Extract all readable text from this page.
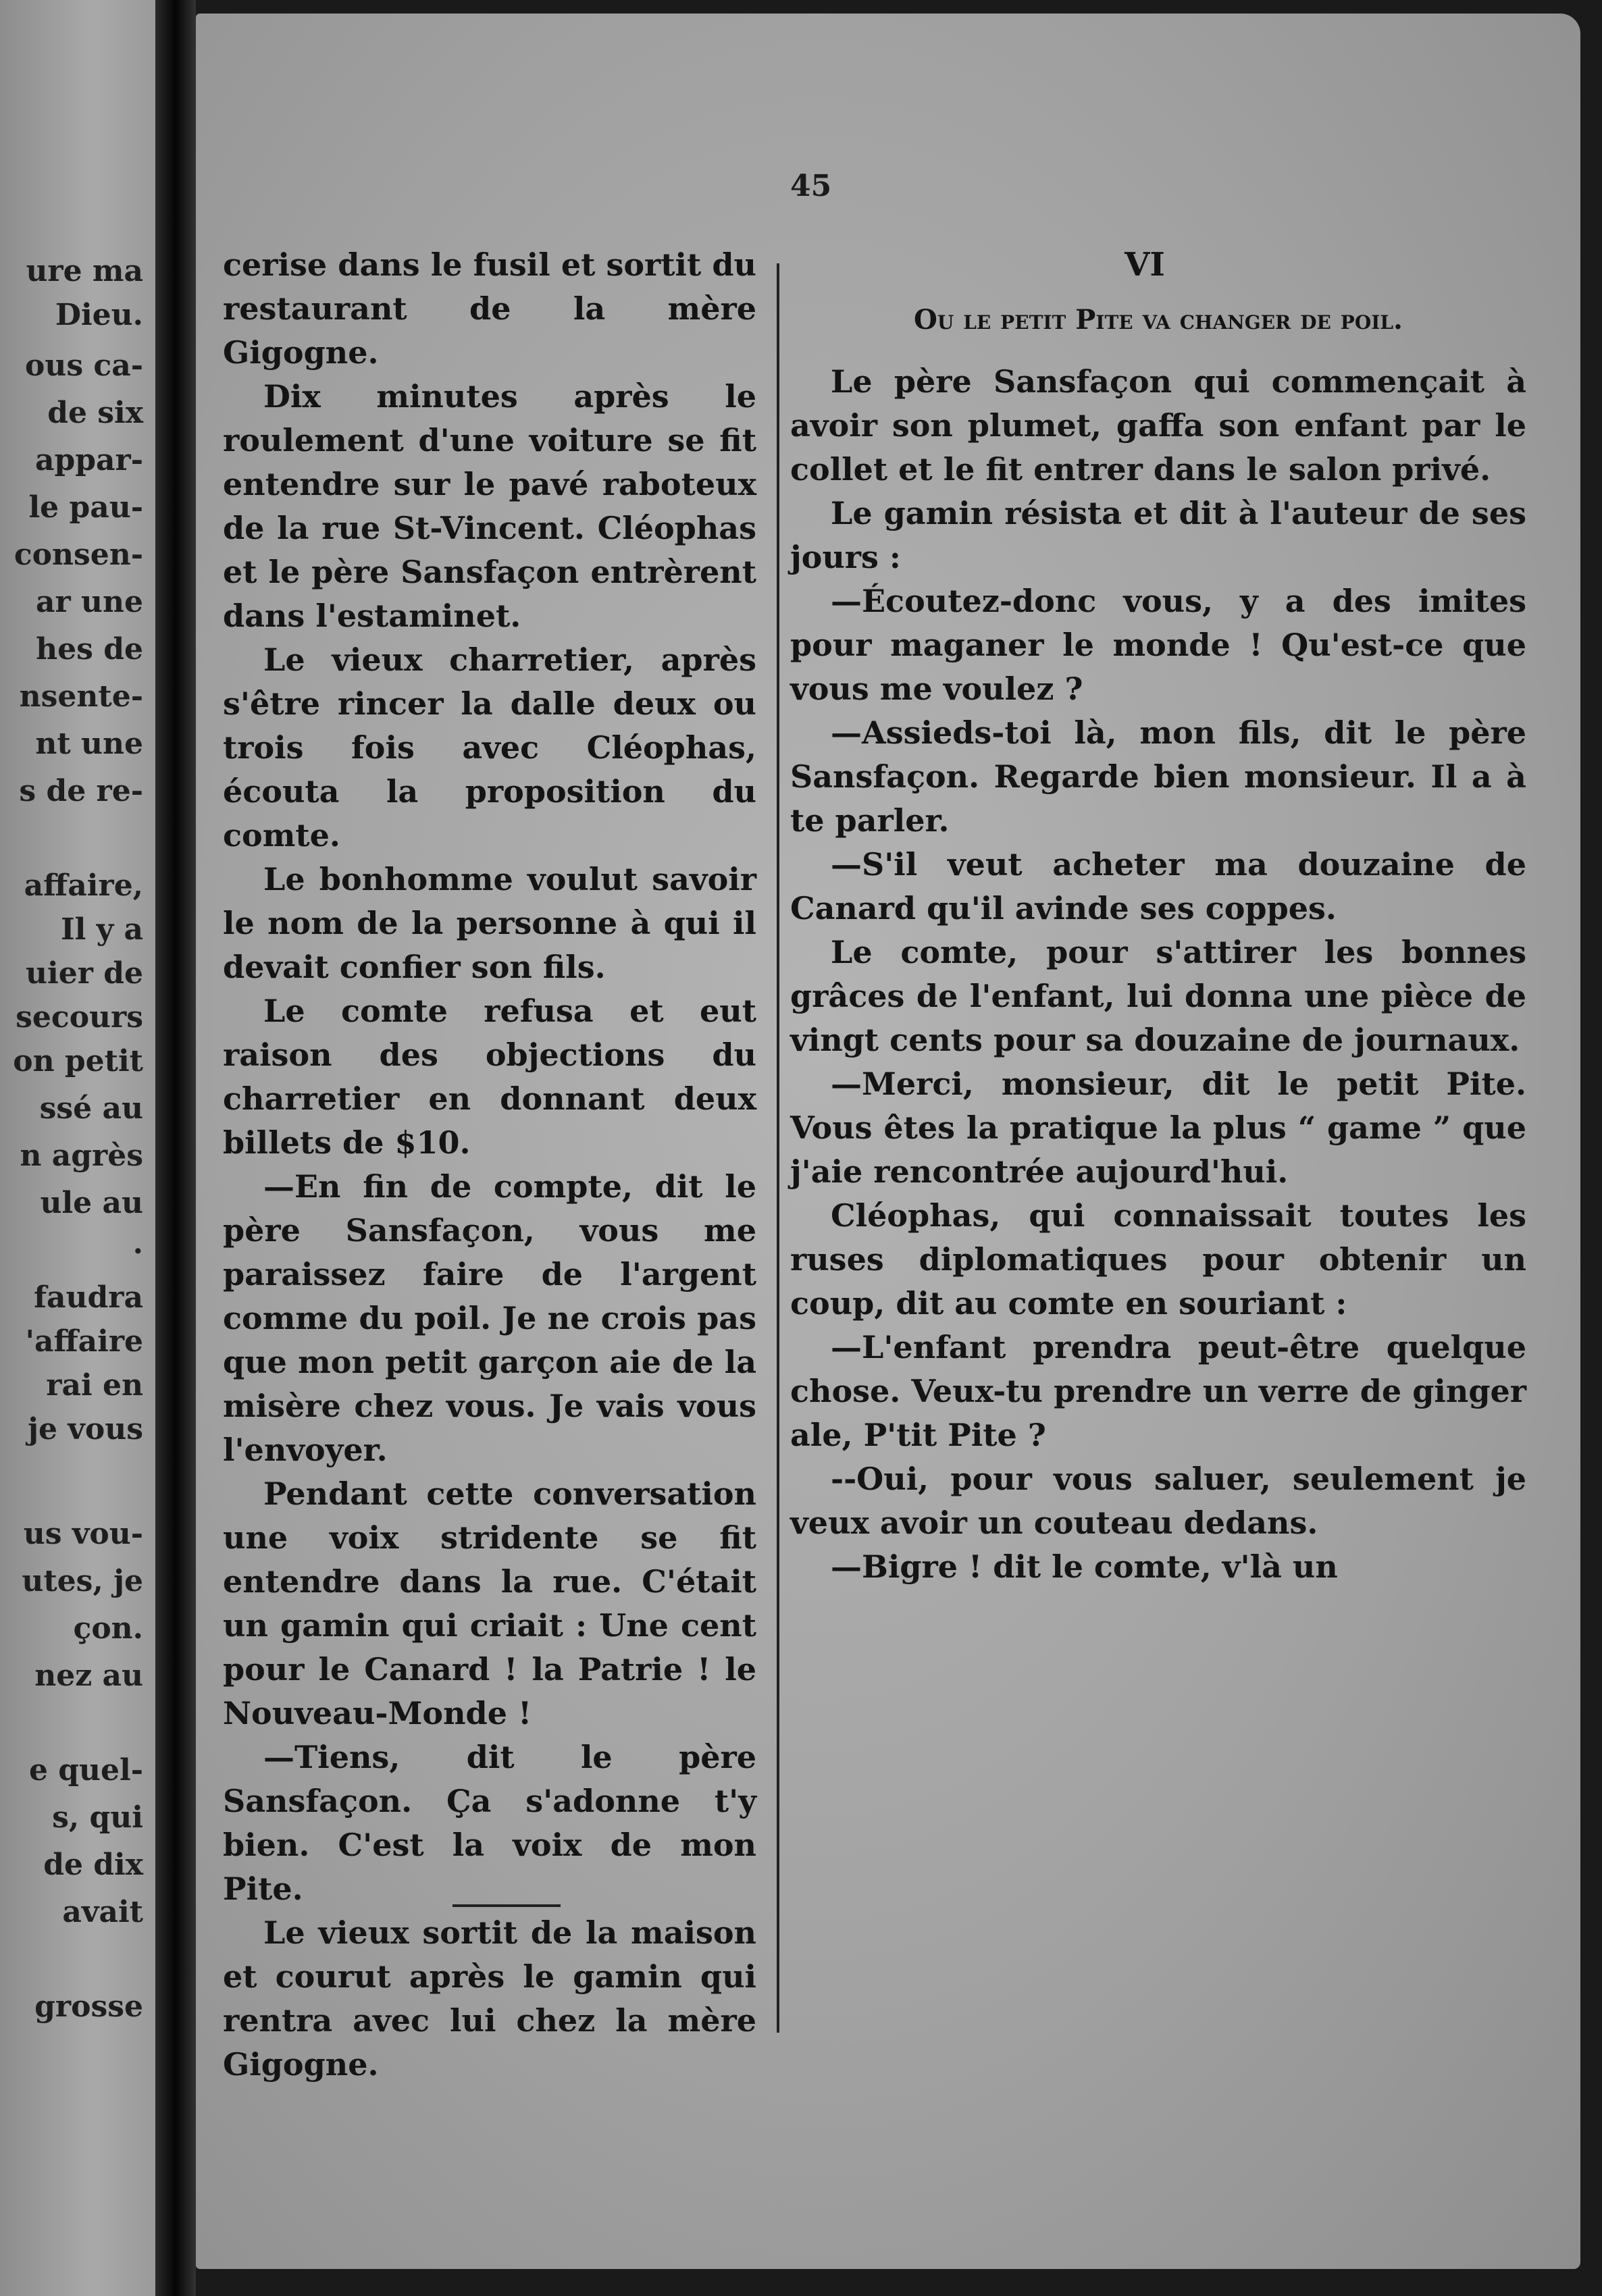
ure ma
Dieu.
ous ca-
de six
appar-
le pau-
consen-
ar une
hes de
nsente-
nt une
s de re-
affaire,
Il y a
uier de
secours
on petit
ssé au
n agrès
ule au
.
faudra
'affaire
rai en
je vous
us vou-
utes, je
çon.
nez au
e quel-
s, qui
de dix
avait
grosse
45

cerise dans le fusil et sortit du restaurant de la mère Gigogne.

Dix minutes après le roulement d'une voiture se fit entendre sur le pavé raboteux de la rue St-Vincent. Cléophas et le père Sansfaçon entrèrent dans l'estaminet.

Le vieux charretier, après s'être rincer la dalle deux ou trois fois avec Cléophas, écouta la proposition du comte.

Le bonhomme voulut savoir le nom de la personne à qui il devait confier son fils.

Le comte refusa et eut raison des objections du charretier en donnant deux billets de $10.

—En fin de compte, dit le père Sansfaçon, vous me paraissez faire de l'argent comme du poil. Je ne crois pas que mon petit garçon aie de la misère chez vous. Je vais vous l'envoyer.

Pendant cette conversation une voix stridente se fit entendre dans la rue. C'était un gamin qui criait : Une cent pour le Canard ! la Patrie ! le Nouveau-Monde !

—Tiens, dit le père Sansfaçon. Ça s'adonne t'y bien. C'est la voix de mon Pite.

Le vieux sortit de la maison et courut après le gamin qui rentra avec lui chez la mère Gigogne.

VI
Ou le petit Pite va changer de poil.

Le père Sansfaçon qui commençait à avoir son plumet, gaffa son enfant par le collet et le fit entrer dans le salon privé.

Le gamin résista et dit à l'auteur de ses jours :

—Écoutez-donc vous, y a des imites pour maganer le monde ! Qu'est-ce que vous me voulez ?

—Assieds-toi là, mon fils, dit le père Sansfaçon. Regarde bien monsieur. Il a à te parler.

—S'il veut acheter ma douzaine de Canard qu'il avinde ses coppes.

Le comte, pour s'attirer les bonnes grâces de l'enfant, lui donna une pièce de vingt cents pour sa douzaine de journaux.

—Merci, monsieur, dit le petit Pite. Vous êtes la pratique la plus “ game ” que j'aie rencontrée aujourd'hui.

Cléophas, qui connaissait toutes les ruses diplomatiques pour obtenir un coup, dit au comte en souriant :

—L'enfant prendra peut-être quelque chose. Veux-tu prendre un verre de ginger ale, P'tit Pite ?

--Oui, pour vous saluer, seulement je veux avoir un couteau dedans.

—Bigre ! dit le comte, v'là un
